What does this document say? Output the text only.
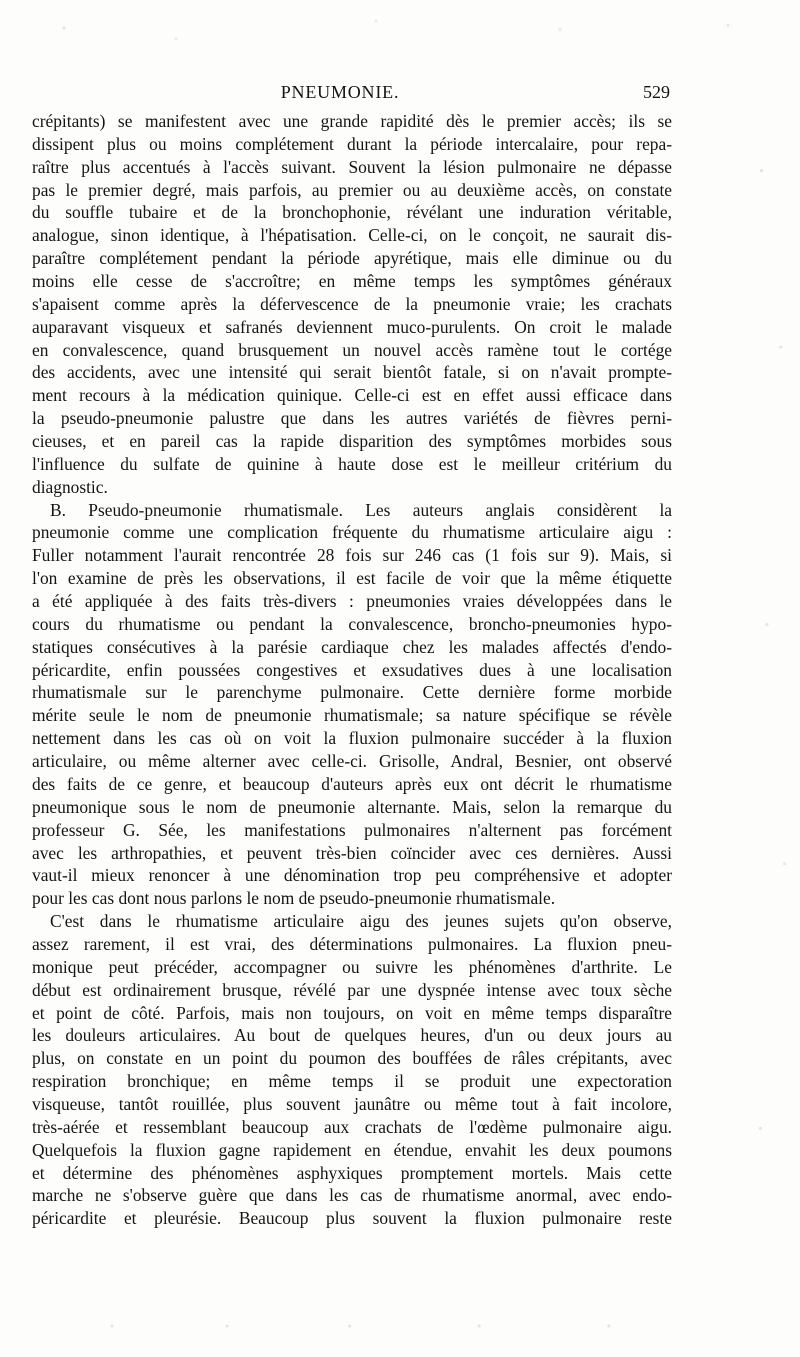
PNEUMONIE.	529
crépitants) se manifestent avec une grande rapidité dès le premier accès; ils se
dissipent plus ou moins complétement durant la période intercalaire, pour repa-
raître plus accentués à l'accès suivant. Souvent la lésion pulmonaire ne dépasse
pas le premier degré, mais parfois, au premier ou au deuxième accès, on constate
du souffle tubaire et de la bronchophonie, révélant une induration véritable,
analogue, sinon identique, à l'hépatisation. Celle-ci, on le conçoit, ne saurait dis-
paraître complétement pendant la période apyrétique, mais elle diminue ou du
moins elle cesse de s'accroître; en même temps les symptômes généraux
s'apaisent comme après la défervescence de la pneumonie vraie; les crachats
auparavant visqueux et safranés deviennent muco-purulents. On croit le malade
en convalescence, quand brusquement un nouvel accès ramène tout le cortége
des accidents, avec une intensité qui serait bientôt fatale, si on n'avait prompte-
ment recours à la médication quinique. Celle-ci est en effet aussi efficace dans
la pseudo-pneumonie palustre que dans les autres variétés de fièvres perni-
cieuses, et en pareil cas la rapide disparition des symptômes morbides sous
l'influence du sulfate de quinine à haute dose est le meilleur critérium du
diagnostic.
B. Pseudo-pneumonie rhumatismale. Les auteurs anglais considèrent la
pneumonie comme une complication fréquente du rhumatisme articulaire aigu :
Fuller notamment l'aurait rencontrée 28 fois sur 246 cas (1 fois sur 9). Mais, si
l'on examine de près les observations, il est facile de voir que la même étiquette
a été appliquée à des faits très-divers : pneumonies vraies développées dans le
cours du rhumatisme ou pendant la convalescence, broncho-pneumonies hypo-
statiques consécutives à la parésie cardiaque chez les malades affectés d'endo-
péricardite, enfin poussées congestives et exsudatives dues à une localisation
rhumatismale sur le parenchyme pulmonaire. Cette dernière forme morbide
mérite seule le nom de pneumonie rhumatismale; sa nature spécifique se révèle
nettement dans les cas où on voit la fluxion pulmonaire succéder à la fluxion
articulaire, ou même alterner avec celle-ci. Grisolle, Andral, Besnier, ont observé
des faits de ce genre, et beaucoup d'auteurs après eux ont décrit le rhumatisme
pneumonique sous le nom de pneumonie alternante. Mais, selon la remarque du
professeur G. Sée, les manifestations pulmonaires n'alternent pas forcément
avec les arthropathies, et peuvent très-bien coïncider avec ces dernières. Aussi
vaut-il mieux renoncer à une dénomination trop peu compréhensive et adopter
pour les cas dont nous parlons le nom de pseudo-pneumonie rhumatismale.
C'est dans le rhumatisme articulaire aigu des jeunes sujets qu'on observe,
assez rarement, il est vrai, des déterminations pulmonaires. La fluxion pneu-
monique peut précéder, accompagner ou suivre les phénomènes d'arthrite. Le
début est ordinairement brusque, révélé par une dyspnée intense avec toux sèche
et point de côté. Parfois, mais non toujours, on voit en même temps disparaître
les douleurs articulaires. Au bout de quelques heures, d'un ou deux jours au
plus, on constate en un point du poumon des bouffées de râles crépitants, avec
respiration bronchique; en même temps il se produit une expectoration
visqueuse, tantôt rouillée, plus souvent jaunâtre ou même tout à fait incolore,
très-aérée et ressemblant beaucoup aux crachats de l'œdème pulmonaire aigu.
Quelquefois la fluxion gagne rapidement en étendue, envahit les deux poumons
et détermine des phénomènes asphyxiques promptement mortels. Mais cette
marche ne s'observe guère que dans les cas de rhumatisme anormal, avec endo-
péricardite et pleurésie. Beaucoup plus souvent la fluxion pulmonaire reste
